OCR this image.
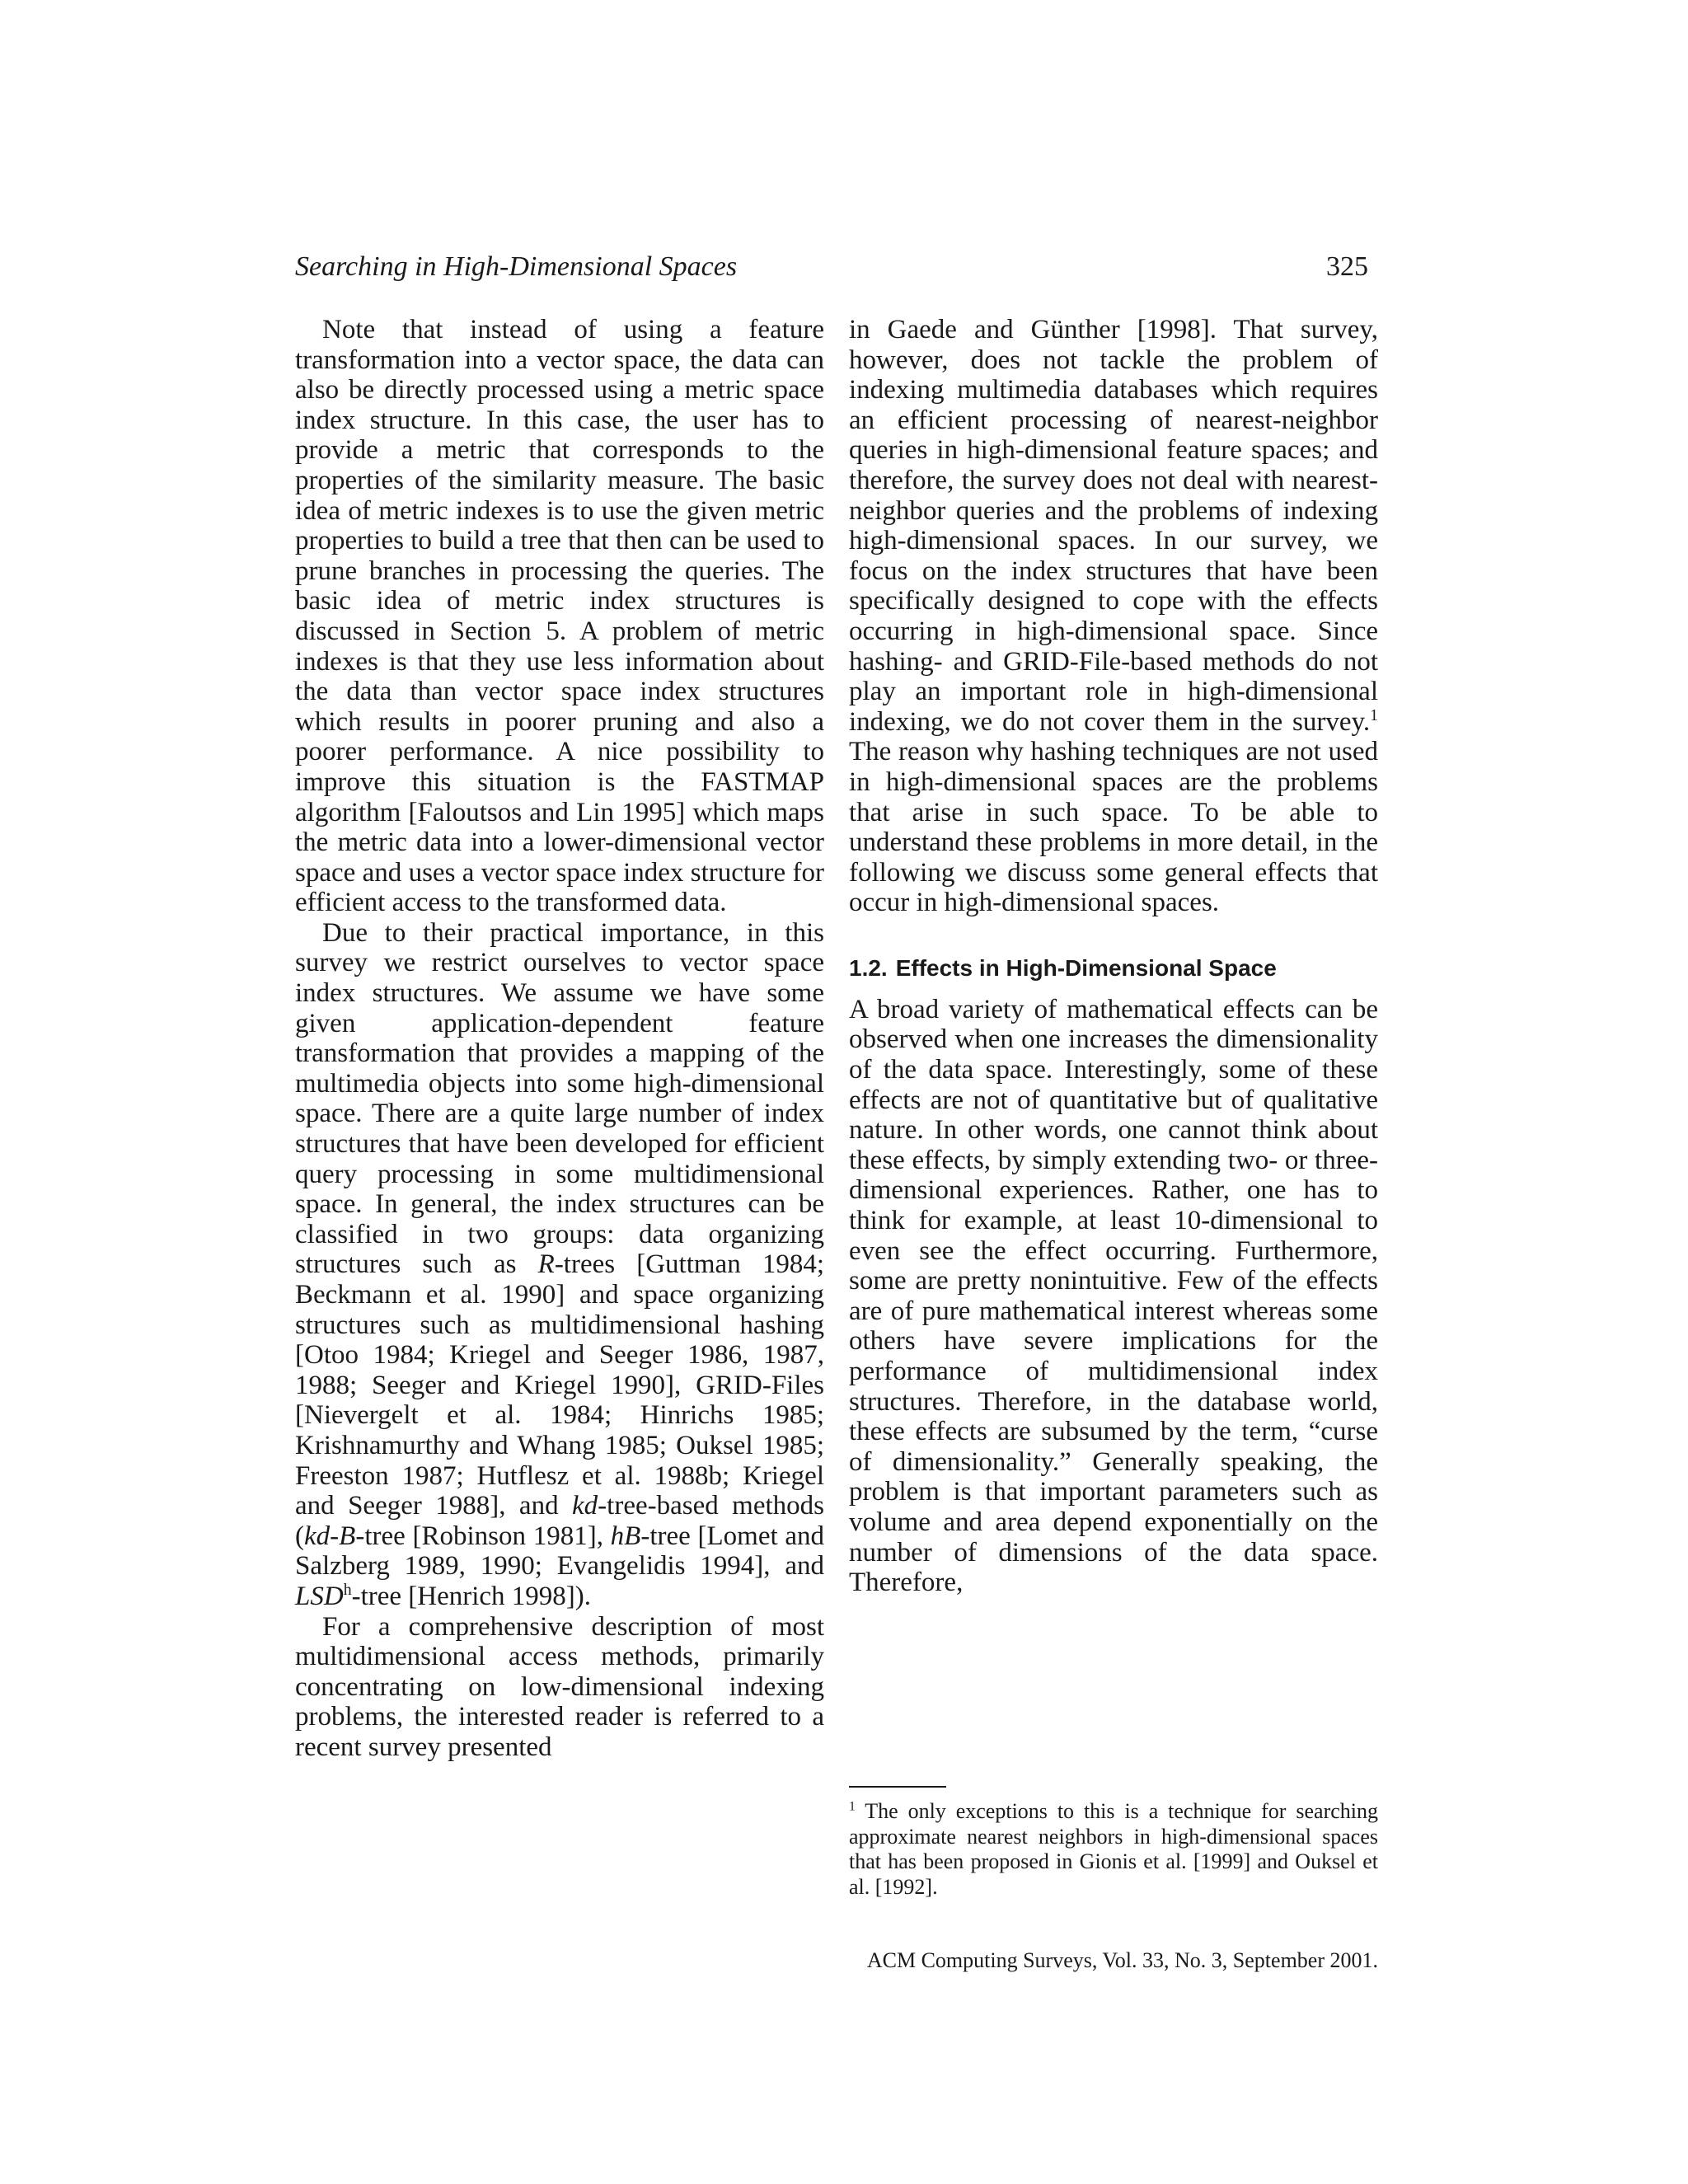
Searching in High-Dimensional Spaces	325

Note that instead of using a feature transformation into a vector space, the data can also be directly processed using a metric space index structure. In this case, the user has to provide a metric that corresponds to the properties of the similarity measure. The basic idea of metric indexes is to use the given metric properties to build a tree that then can be used to prune branches in processing the queries. The basic idea of metric index structures is discussed in Section 5. A problem of metric indexes is that they use less information about the data than vector space index structures which results in poorer pruning and also a poorer performance. A nice possibility to improve this situation is the FASTMAP algorithm [Faloutsos and Lin 1995] which maps the metric data into a lower-dimensional vector space and uses a vector space index structure for efficient access to the transformed data.

Due to their practical importance, in this survey we restrict ourselves to vector space index structures. We assume we have some given application-dependent feature transformation that provides a mapping of the multimedia objects into some high-dimensional space. There are a quite large number of index structures that have been developed for efficient query processing in some multidimensional space. In general, the index structures can be classified in two groups: data organizing structures such as R-trees [Guttman 1984; Beckmann et al. 1990] and space organizing structures such as multidimensional hashing [Otoo 1984; Kriegel and Seeger 1986, 1987, 1988; Seeger and Kriegel 1990], GRID-Files [Nievergelt et al. 1984; Hinrichs 1985; Krishnamurthy and Whang 1985; Ouksel 1985; Freeston 1987; Hutflesz et al. 1988b; Kriegel and Seeger 1988], and kd-tree-based methods (kd-B-tree [Robinson 1981], hB-tree [Lomet and Salzberg 1989, 1990; Evangelidis 1994], and LSD$^h$-tree [Henrich 1998]).

For a comprehensive description of most multidimensional access methods, primarily concentrating on low-dimensional indexing problems, the interested reader is referred to a recent survey presented

in Gaede and Günther [1998]. That survey, however, does not tackle the problem of indexing multimedia databases which requires an efficient processing of nearest-neighbor queries in high-dimensional feature spaces; and therefore, the survey does not deal with nearest-neighbor queries and the problems of indexing high-dimensional spaces. In our survey, we focus on the index structures that have been specifically designed to cope with the effects occurring in high-dimensional space. Since hashing- and GRID-File-based methods do not play an important role in high-dimensional indexing, we do not cover them in the survey.$^1$ The reason why hashing techniques are not used in high-dimensional spaces are the problems that arise in such space. To be able to understand these problems in more detail, in the following we discuss some general effects that occur in high-dimensional spaces.

1.2. Effects in High-Dimensional Space

A broad variety of mathematical effects can be observed when one increases the dimensionality of the data space. Interestingly, some of these effects are not of quantitative but of qualitative nature. In other words, one cannot think about these effects, by simply extending two- or three-dimensional experiences. Rather, one has to think for example, at least 10-dimensional to even see the effect occurring. Furthermore, some are pretty nonintuitive. Few of the effects are of pure mathematical interest whereas some others have severe implications for the performance of multidimensional index structures. Therefore, in the database world, these effects are subsumed by the term, “curse of dimensionality.” Generally speaking, the problem is that important parameters such as volume and area depend exponentially on the number of dimensions of the data space. Therefore,

$^1$ The only exceptions to this is a technique for searching approximate nearest neighbors in high-dimensional spaces that has been proposed in Gionis et al. [1999] and Ouksel et al. [1992].

ACM Computing Surveys, Vol. 33, No. 3, September 2001.
